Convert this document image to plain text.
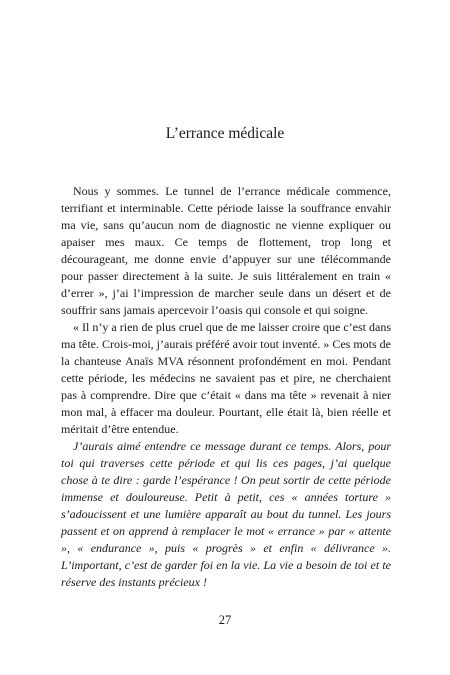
L’errance médicale

Nous y sommes. Le tunnel de l’errance médicale commence, terrifiant et interminable. Cette période laisse la souffrance envahir ma vie, sans qu’aucun nom de diagnostic ne vienne expliquer ou apaiser mes maux. Ce temps de flottement, trop long et décourageant, me donne envie d’appuyer sur une télécommande pour passer directement à la suite. Je suis littéralement en train « d’errer », j’ai l’impression de marcher seule dans un désert et de souffrir sans jamais apercevoir l’oasis qui console et qui soigne.

« Il n’y a rien de plus cruel que de me laisser croire que c’est dans ma tête. Crois-moi, j’aurais préféré avoir tout inventé. » Ces mots de la chanteuse Anaïs MVA résonnent profondément en moi. Pendant cette période, les médecins ne savaient pas et pire, ne cherchaient pas à comprendre. Dire que c’était « dans ma tête » revenait à nier mon mal, à effacer ma douleur. Pourtant, elle était là, bien réelle et méritait d’être entendue.

J’aurais aimé entendre ce message durant ce temps. Alors, pour toi qui traverses cette période et qui lis ces pages, j’ai quelque chose à te dire : garde l’espérance ! On peut sortir de cette période immense et douloureuse. Petit à petit, ces « années torture » s’adoucissent et une lumière apparaît au bout du tunnel. Les jours passent et on apprend à remplacer le mot « errance » par « attente », « endurance », puis « progrès » et enfin « délivrance ». L’important, c’est de garder foi en la vie. La vie a besoin de toi et te réserve des instants précieux !

27
